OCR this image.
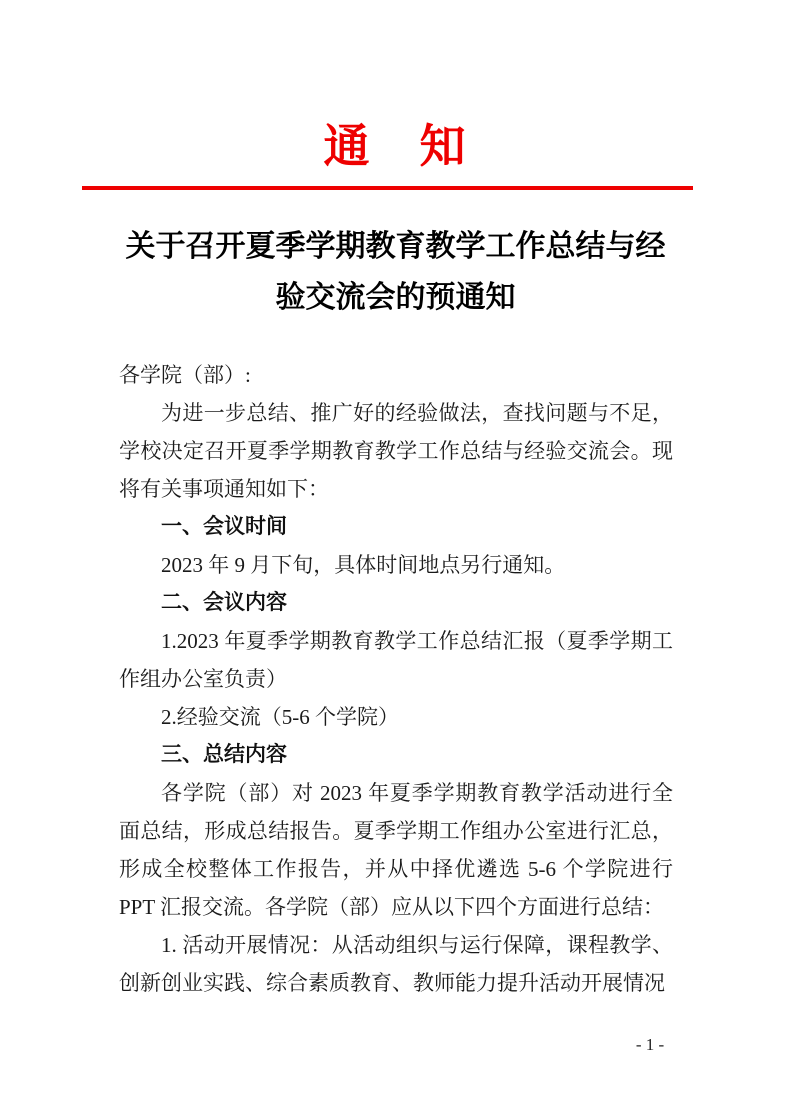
通　知
关于召开夏季学期教育教学工作总结与经
验交流会的预通知
各学院（部）:
为进一步总结、推广好的经验做法，查找问题与不足，学校决定召开夏季学期教育教学工作总结与经验交流会。现将有关事项通知如下：
一、会议时间
2023 年 9 月下旬，具体时间地点另行通知。
二、会议内容
1.2023 年夏季学期教育教学工作总结汇报（夏季学期工作组办公室负责）
2.经验交流（5-6 个学院）
三、总结内容
各学院（部）对 2023 年夏季学期教育教学活动进行全面总结，形成总结报告。夏季学期工作组办公室进行汇总，形成全校整体工作报告，并从中择优遴选 5-6 个学院进行 PPT 汇报交流。各学院（部）应从以下四个方面进行总结：
1. 活动开展情况：从活动组织与运行保障，课程教学、创新创业实践、综合素质教育、教师能力提升活动开展情况
- 1 -
